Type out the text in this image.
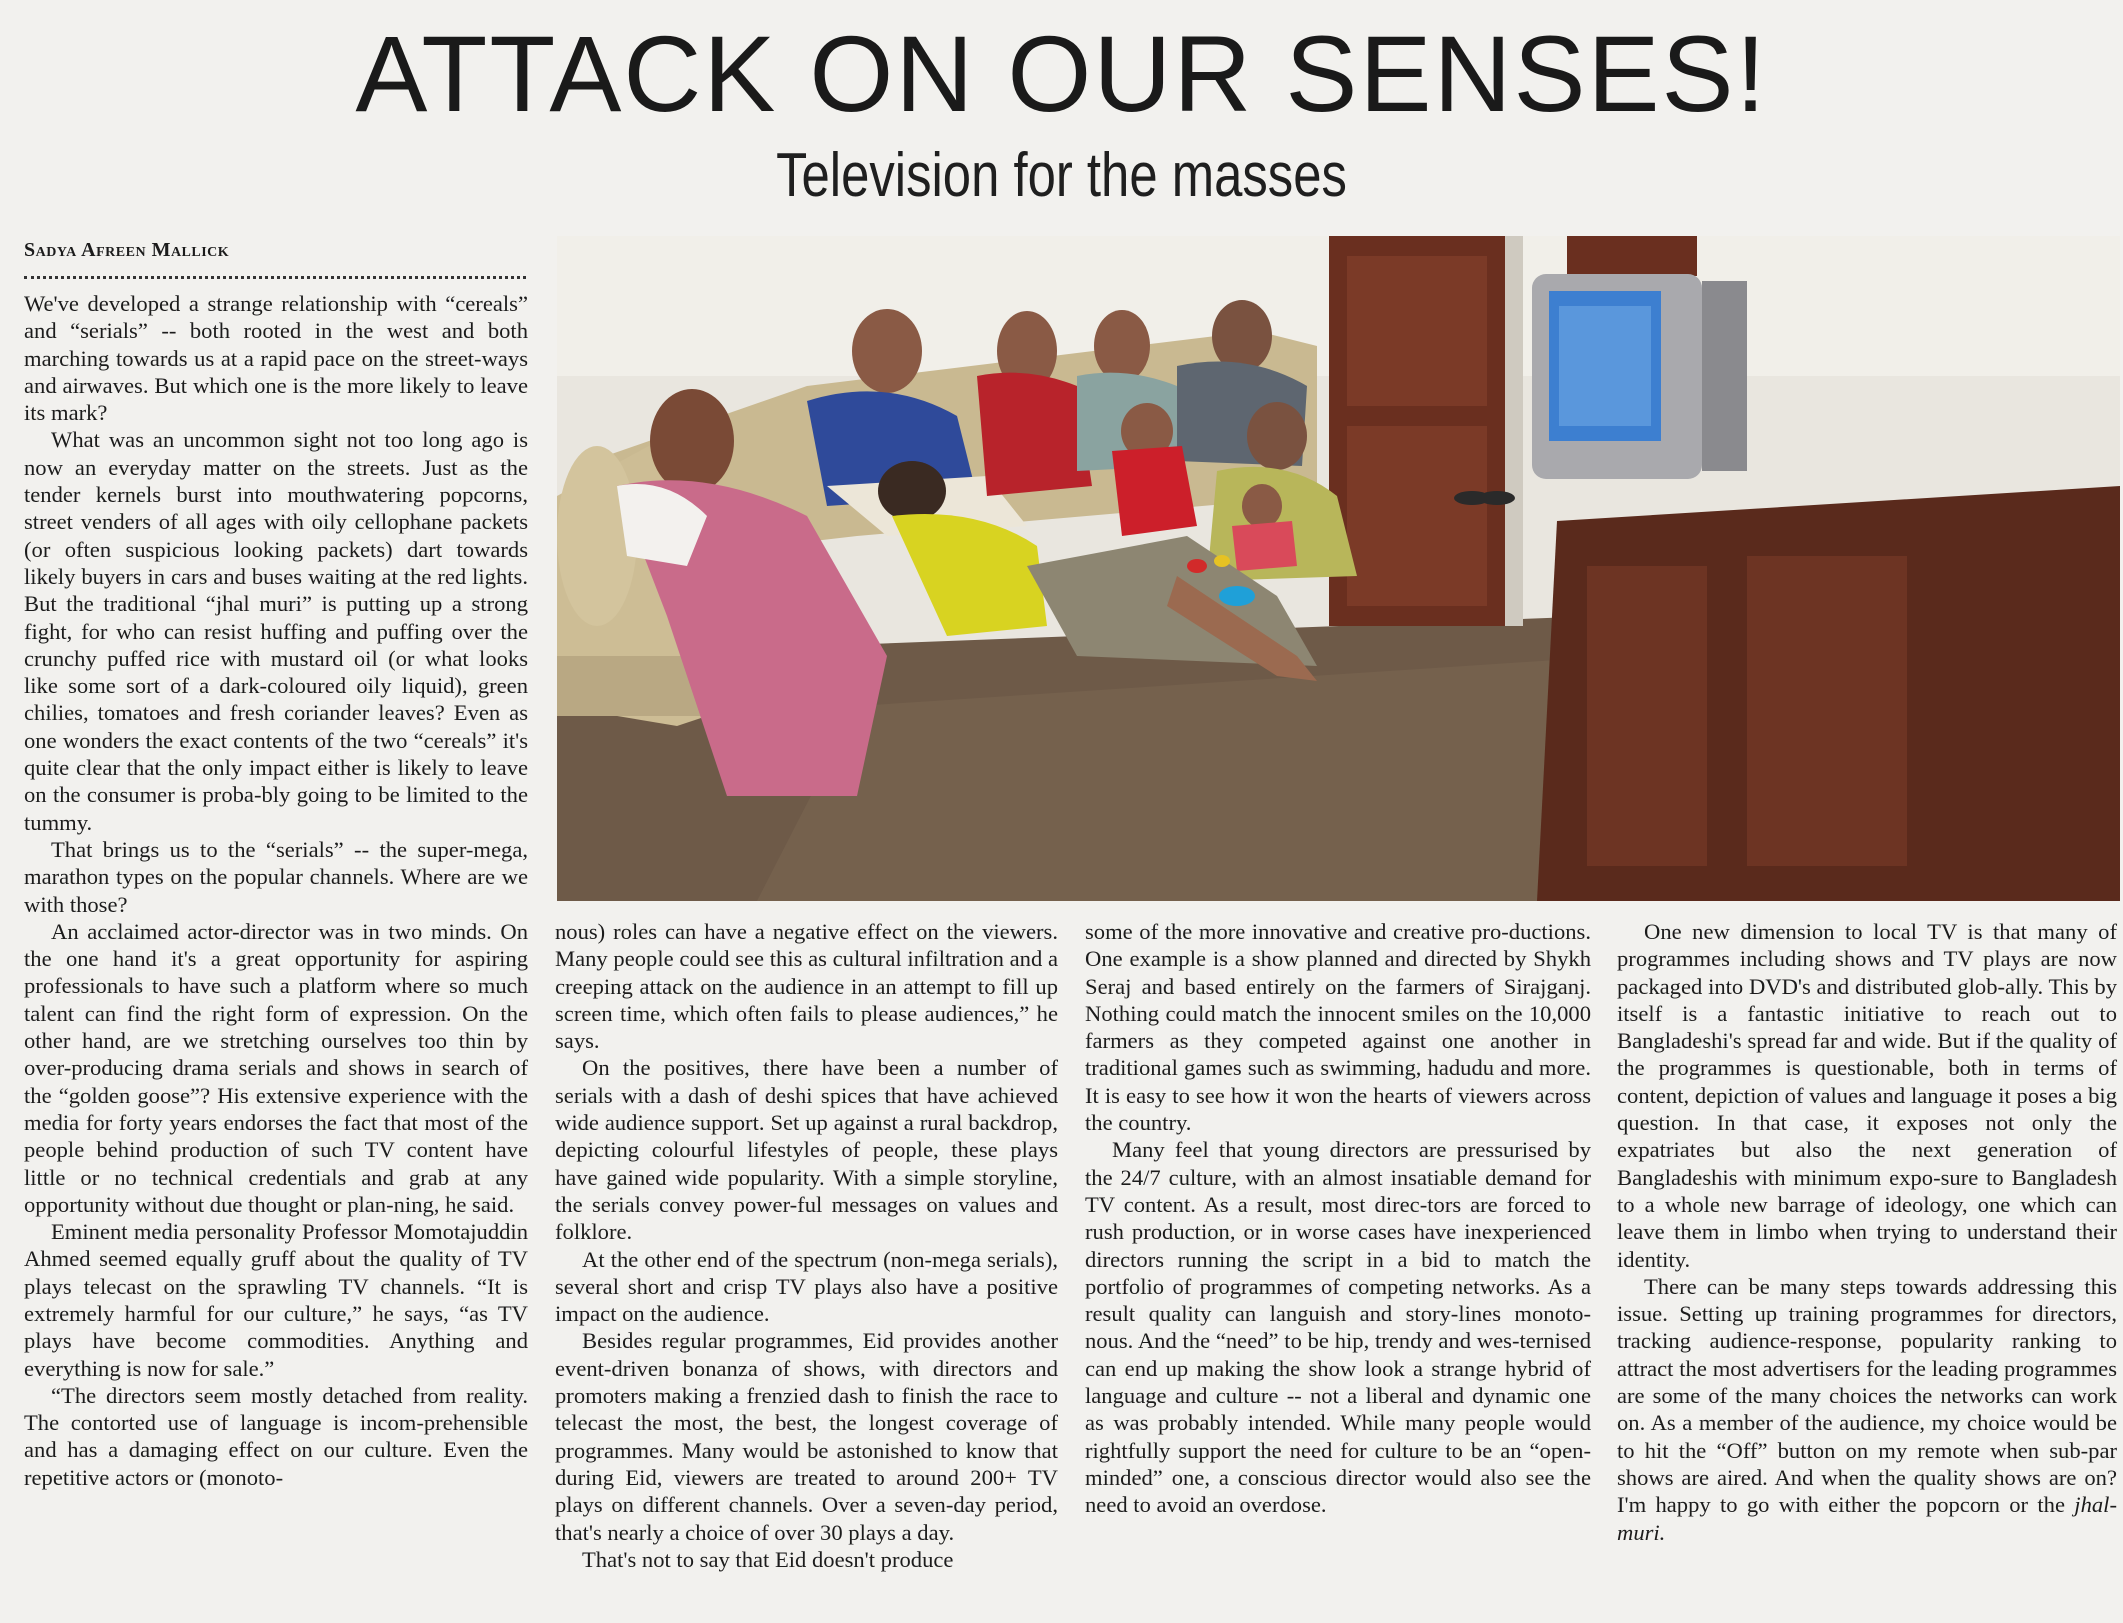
ATTACK ON OUR SENSES!
Television for the masses
Sadya Afreen Mallick

We've developed a strange relationship with “cereals” and “serials” -- both rooted in the west and both marching towards us at a rapid pace on the street-ways and airwaves. But which one is the more likely to leave its mark?

What was an uncommon sight not too long ago is now an everyday matter on the streets. Just as the tender kernels burst into mouthwatering popcorns, street venders of all ages with oily cellophane packets (or often suspicious looking packets) dart towards likely buyers in cars and buses waiting at the red lights. But the traditional “jhal muri” is putting up a strong fight, for who can resist huffing and puffing over the crunchy puffed rice with mustard oil (or what looks like some sort of a dark-coloured oily liquid), green chilies, tomatoes and fresh coriander leaves? Even as one wonders the exact contents of the two “cereals” it's quite clear that the only impact either is likely to leave on the consumer is proba-bly going to be limited to the tummy.

That brings us to the “serials” -- the super-mega, marathon types on the popular channels. Where are we with those?

An acclaimed actor-director was in two minds. On the one hand it's a great opportunity for aspiring professionals to have such a platform where so much talent can find the right form of expression. On the other hand, are we stretching ourselves too thin by over-producing drama serials and shows in search of the “golden goose”? His extensive experience with the media for forty years endorses the fact that most of the people behind production of such TV content have little or no technical credentials and grab at any opportunity without due thought or plan-ning, he said.

Eminent media personality Professor Momotajuddin Ahmed seemed equally gruff about the quality of TV plays telecast on the sprawling TV channels. “It is extremely harmful for our culture,” he says, “as TV plays have become commodities. Anything and everything is now for sale.”

“The directors seem mostly detached from reality. The contorted use of language is incom-prehensible and has a damaging effect on our culture. Even the repetitive actors or (monoto-

nous) roles can have a negative effect on the viewers. Many people could see this as cultural infiltration and a creeping attack on the audience in an attempt to fill up screen time, which often fails to please audiences,” he says.

On the positives, there have been a number of serials with a dash of deshi spices that have achieved wide audience support. Set up against a rural backdrop, depicting colourful lifestyles of people, these plays have gained wide popularity. With a simple storyline, the serials convey power-ful messages on values and folklore.

At the other end of the spectrum (non-mega serials), several short and crisp TV plays also have a positive impact on the audience.

Besides regular programmes, Eid provides another event-driven bonanza of shows, with directors and promoters making a frenzied dash to finish the race to telecast the most, the best, the longest coverage of programmes. Many would be astonished to know that during Eid, viewers are treated to around 200+ TV plays on different channels. Over a seven-day period, that's nearly a choice of over 30 plays a day.

That's not to say that Eid doesn't produce

some of the more innovative and creative pro-ductions. One example is a show planned and directed by Shykh Seraj and based entirely on the farmers of Sirajganj. Nothing could match the innocent smiles on the 10,000 farmers as they competed against one another in traditional games such as swimming, hadudu and more. It is easy to see how it won the hearts of viewers across the country.

Many feel that young directors are pressurised by the 24/7 culture, with an almost insatiable demand for TV content. As a result, most direc-tors are forced to rush production, or in worse cases have inexperienced directors running the script in a bid to match the portfolio of programmes of competing networks. As a result quality can languish and story-lines monoto-nous. And the “need” to be hip, trendy and wes-ternised can end up making the show look a strange hybrid of language and culture -- not a liberal and dynamic one as was probably intended. While many people would rightfully support the need for culture to be an “open-minded” one, a conscious director would also see the need to avoid an overdose.

One new dimension to local TV is that many of programmes including shows and TV plays are now packaged into DVD's and distributed glob-ally. This by itself is a fantastic initiative to reach out to Bangladeshi's spread far and wide. But if the quality of the programmes is questionable, both in terms of content, depiction of values and language it poses a big question. In that case, it exposes not only the expatriates but also the next generation of Bangladeshis with minimum expo-sure to Bangladesh to a whole new barrage of ideology, one which can leave them in limbo when trying to understand their identity.

There can be many steps towards addressing this issue. Setting up training programmes for directors, tracking audience-response, popularity ranking to attract the most advertisers for the leading programmes are some of the many choices the networks can work on. As a member of the audience, my choice would be to hit the “Off” button on my remote when sub-par shows are aired. And when the quality shows are on? I'm happy to go with either the popcorn or the jhal-muri.
